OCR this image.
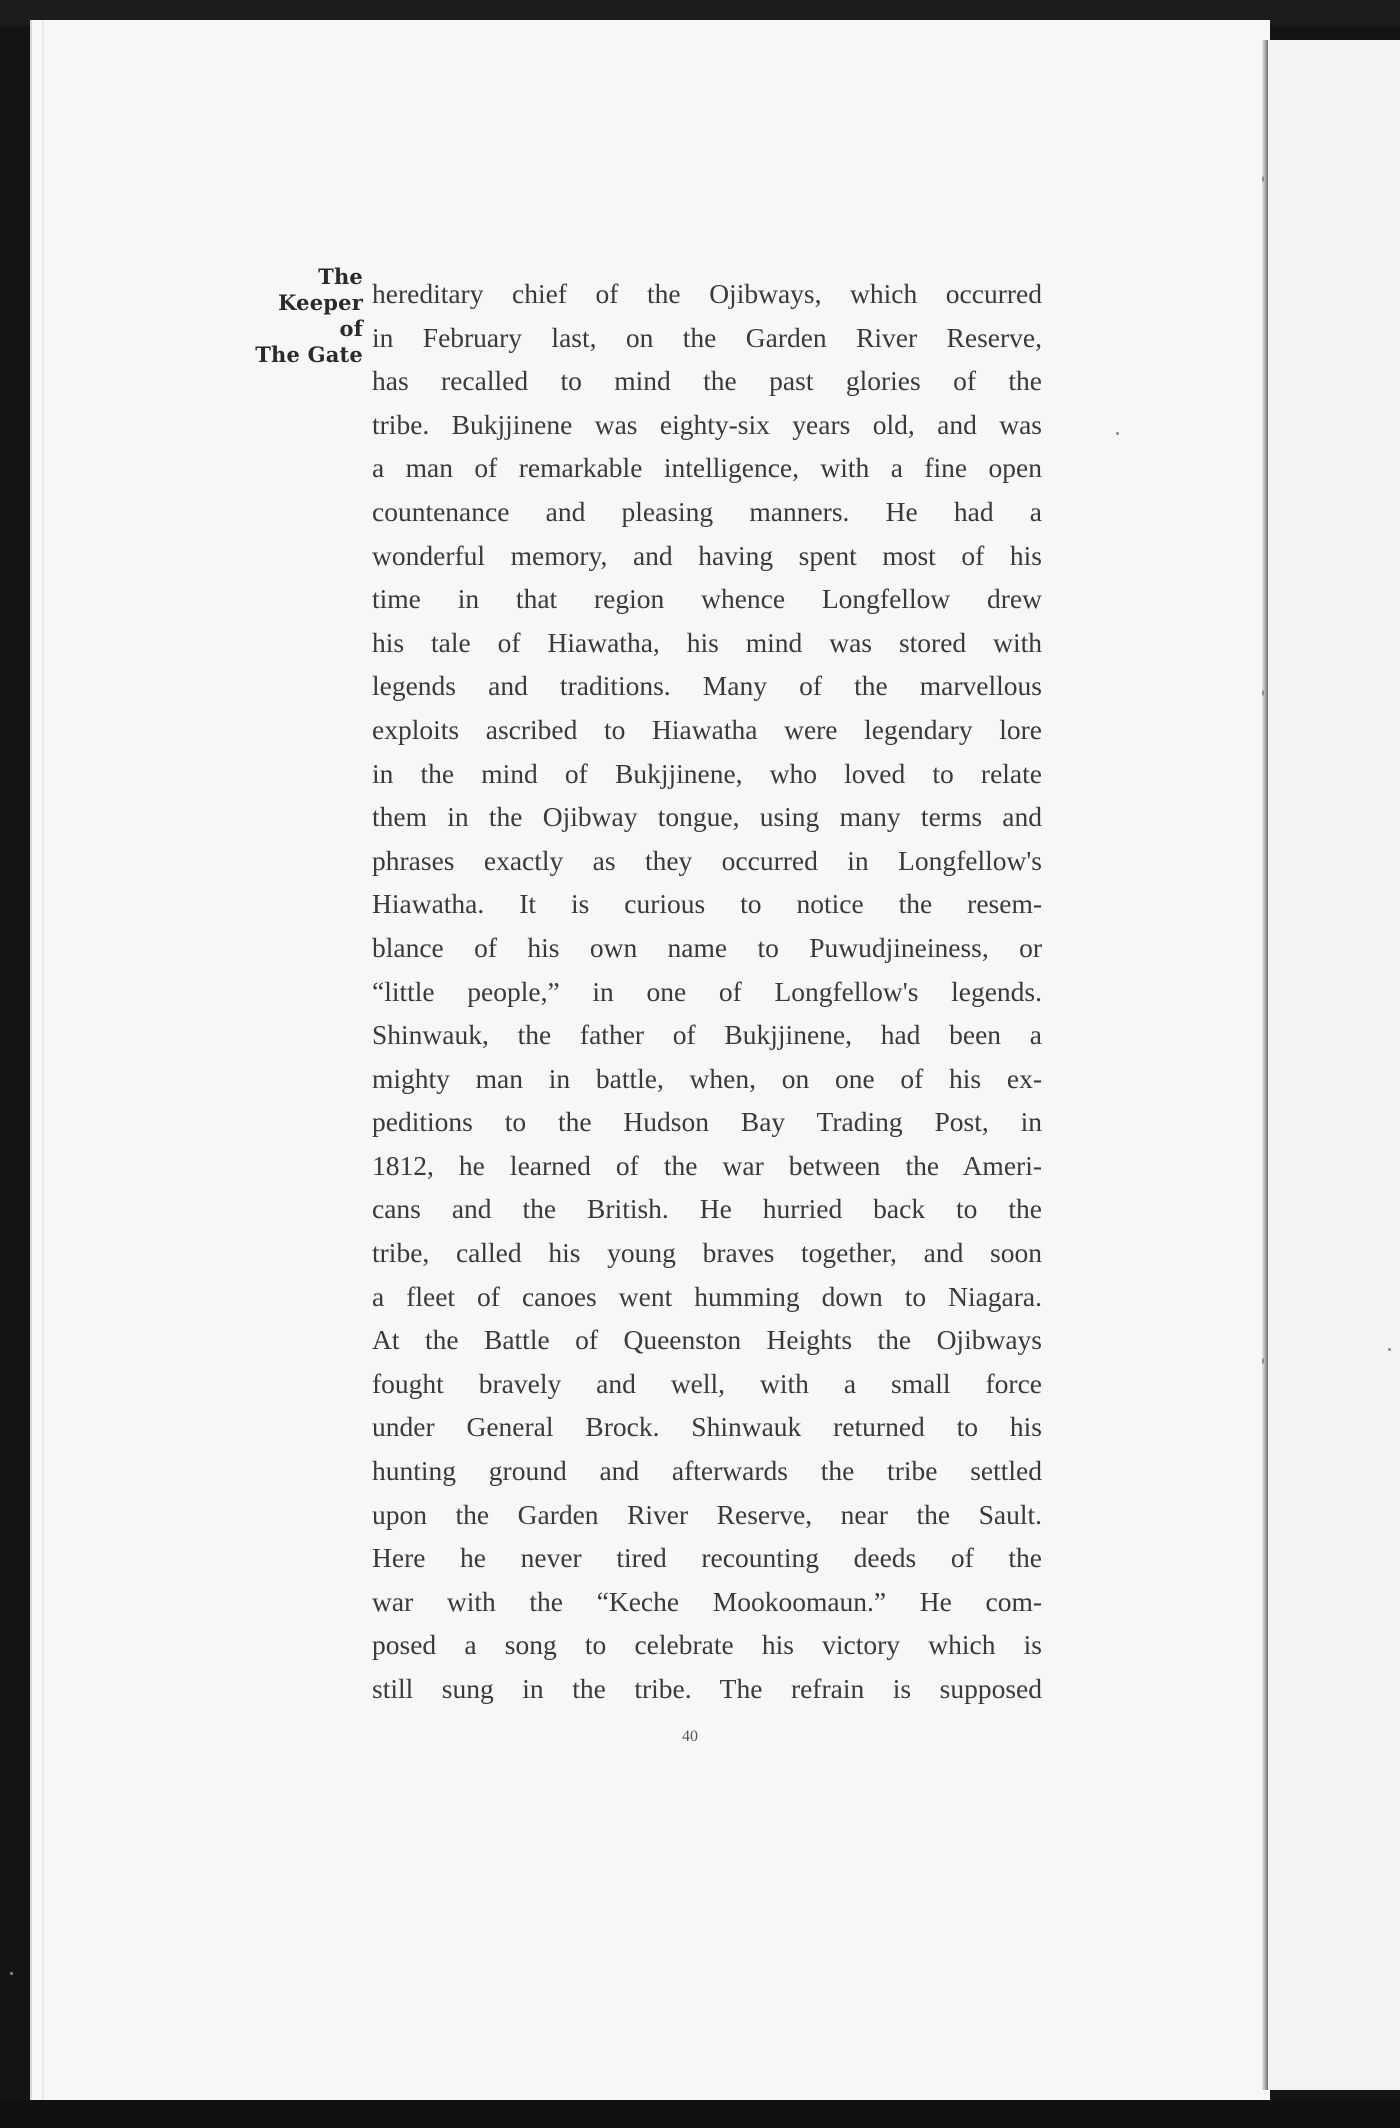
The
Keeper
of
The Gate
hereditary chief of the Ojibways, which occurred
in February last, on the Garden River Reserve,
has recalled to mind the past glories of the
tribe. Bukjjinene was eighty-six years old, and was
a man of remarkable intelligence, with a fine open
countenance and pleasing manners. He had a
wonderful memory, and having spent most of his
time in that region whence Longfellow drew
his tale of Hiawatha, his mind was stored with
legends and traditions. Many of the marvellous
exploits ascribed to Hiawatha were legendary lore
in the mind of Bukjjinene, who loved to relate
them in the Ojibway tongue, using many terms and
phrases exactly as they occurred in Longfellow's
Hiawatha. It is curious to notice the resem-
blance of his own name to Puwudjineiness, or
“little people,” in one of Longfellow's legends.
Shinwauk, the father of Bukjjinene, had been a
mighty man in battle, when, on one of his ex-
peditions to the Hudson Bay Trading Post, in
1812, he learned of the war between the Ameri-
cans and the British. He hurried back to the
tribe, called his young braves together, and soon
a fleet of canoes went humming down to Niagara.
At the Battle of Queenston Heights the Ojibways
fought bravely and well, with a small force
under General Brock. Shinwauk returned to his
hunting ground and afterwards the tribe settled
upon the Garden River Reserve, near the Sault.
Here he never tired recounting deeds of the
war with the “Keche Mookoomaun.” He com-
posed a song to celebrate his victory which is
still sung in the tribe. The refrain is supposed
40
